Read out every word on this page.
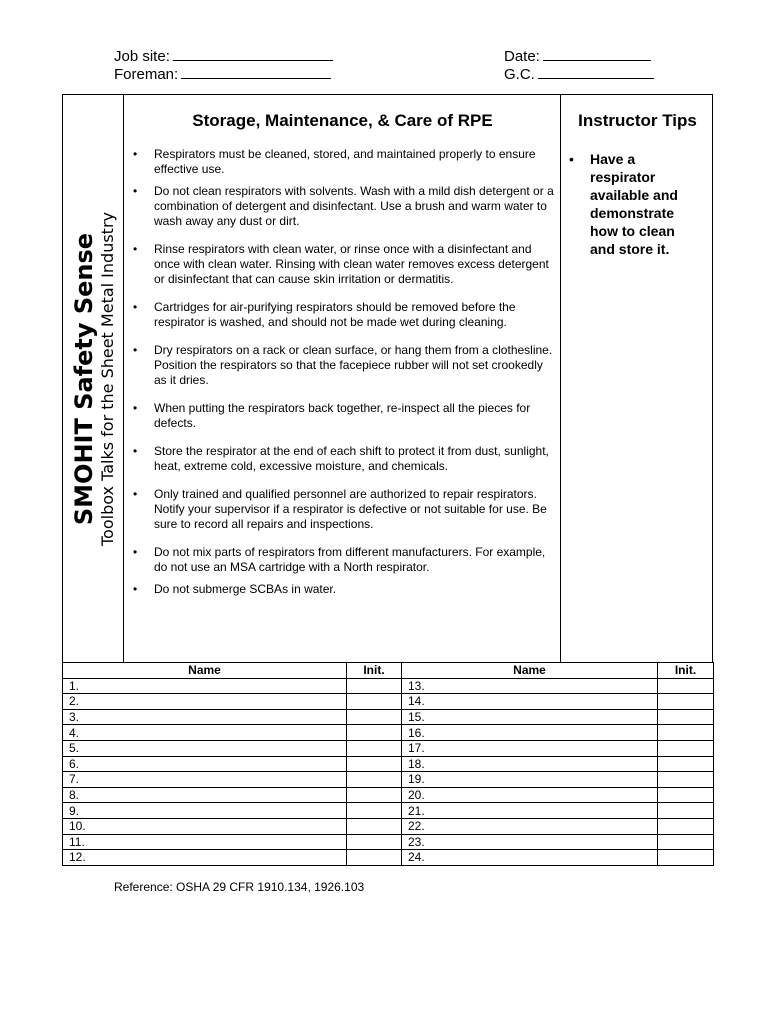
Job site:
Foreman:
Date:
G.C.
SMOHIT Safety Sense Toolbox Talks for the Sheet Metal Industry
Storage, Maintenance, & Care of RPE
• Respirators must be cleaned, stored, and maintained properly to ensure effective use.
• Do not clean respirators with solvents. Wash with a mild dish detergent or a combination of detergent and disinfectant. Use a brush and warm water to wash away any dust or dirt.
• Rinse respirators with clean water, or rinse once with a disinfectant and once with clean water. Rinsing with clean water removes excess detergent or disinfectant that can cause skin irritation or dermatitis.
• Cartridges for air-purifying respirators should be removed before the respirator is washed, and should not be made wet during cleaning.
• Dry respirators on a rack or clean surface, or hang them from a clothesline. Position the respirators so that the facepiece rubber will not set crookedly as it dries.
• When putting the respirators back together, re-inspect all the pieces for defects.
• Store the respirator at the end of each shift to protect it from dust, sunlight, heat, extreme cold, excessive moisture, and chemicals.
• Only trained and qualified personnel are authorized to repair respirators. Notify your supervisor if a respirator is defective or not suitable for use. Be sure to record all repairs and inspections.
• Do not mix parts of respirators from different manufacturers. For example, do not use an MSA cartridge with a North respirator.
• Do not submerge SCBAs in water.
Instructor Tips
• Have a
respirator
available and
demonstrate
how to clean
and store it.
Name	Init.	Name	Init.
1.		13.	
2.		14.	
3.		15.	
4.		16.	
5.		17.	
6.		18.	
7.		19.	
8.		20.	
9.		21.	
10.		22.	
11.		23.	
12.		24.	
Reference: OSHA 29 CFR 1910.134, 1926.103
